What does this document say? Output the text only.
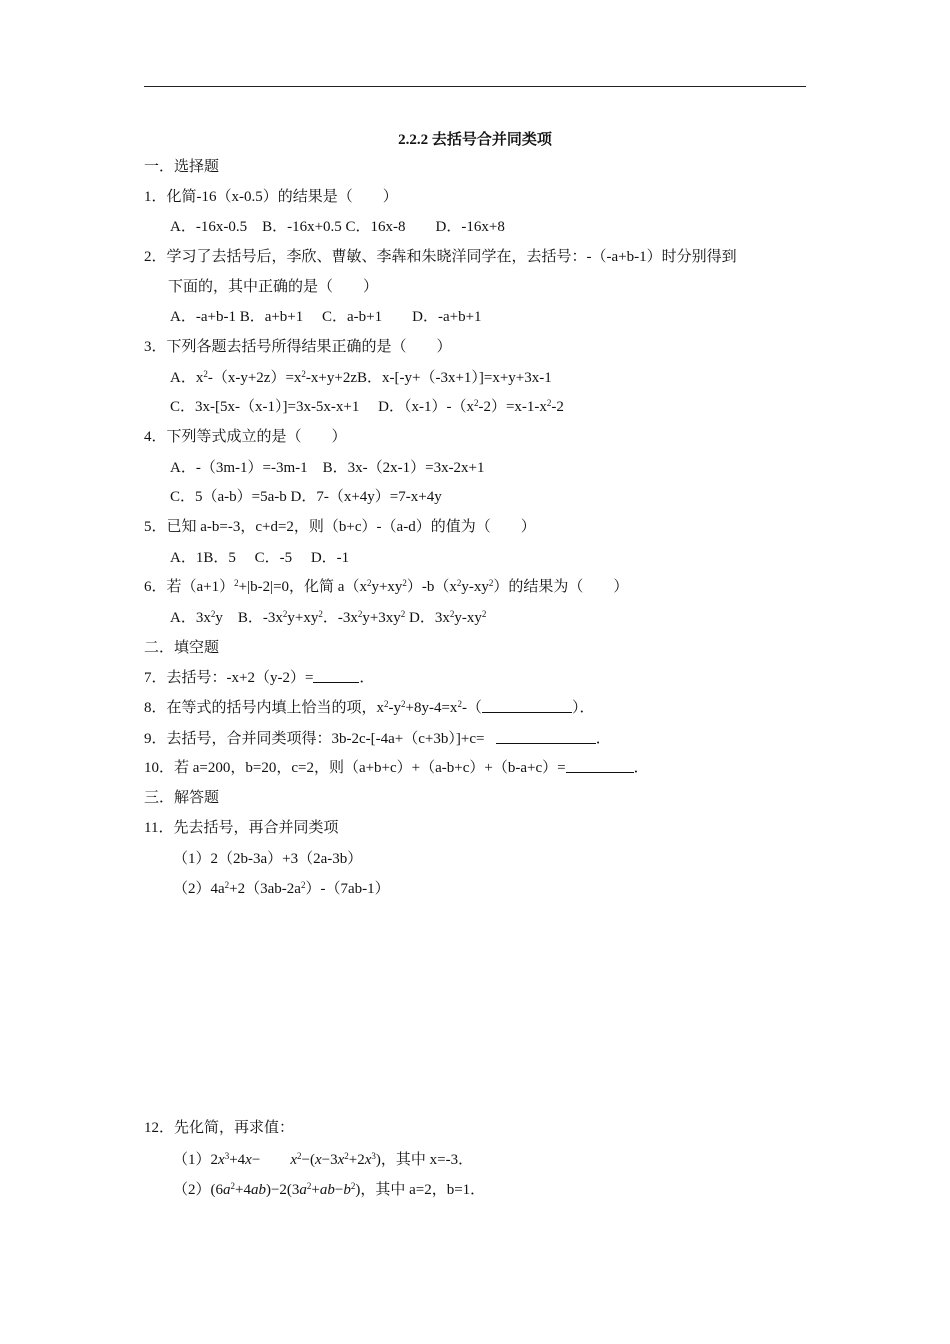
2.2.2 去括号合并同类项
一．选择题
1．化简-16（x-0.5）的结果是（　　）
A．-16x-0.5　B．-16x+0.5 C．16x-8　　D．-16x+8
2．学习了去括号后，李欣、曹敏、李犇和朱晓洋同学在，去括号：-（-a+b-1）时分别得到
下面的，其中正确的是（　　）
A．-a+b-1 B．a+b+1　 C．a-b+1　　D．-a+b+1
3．下列各题去括号所得结果正确的是（　　）
A．$x^2-(x-y+2z)=x^2-x+y+2zB$．x-[-y+（-3x+1）]=x+y+3x-1
C．3x-[5x-（x-1）]=3x-5x-x+1　 D．$(x-1)-(x^2-2)=x-1-x^2-2$
4．下列等式成立的是（　　）
A．-（3m-1）=-3m-1　B．3x-（2x-1）=3x-2x+1
C．5（a-b）=5a-b D．7-（x+4y）=7-x+4y
5．已知 a-b=-3，c+d=2，则（b+c）-（a-d）的值为（　　）
A．1B．5　 C．-5　 D．-1
6．若$(a+1)^2+|b-2|=0$，化简 $a(x^2y+xy^2)-b(x^2y-xy^2)$的结果为（　　）
A．$3x^2y$　B．$-3x^2y+xy^2$．$-3x^2y+3xy^2$ D．$3x^2y-xy^2$
二．填空题
7．去括号：-x+2（y-2）=	．
8．在等式的括号内填上恰当的项，$x^2-y^2+8y-4=x^2-$（	）．
9．去括号，合并同类项得：3b-2c-[-4a+（c+3b）]+c=	．
10．若 a=200，b=20，c=2，则（a+b+c）+（a-b+c）+（b-a+c）=	．
三．解答题
11．先去括号，再合并同类项
（1）2（2b-3a）+3（2a-3b）
$(2)4a^2+2(3ab-2a^2)-(7ab-1)$
12．先化简，再求值：
$(1)2x^3+4x-$　　$x^2-(x-3x^2+2x^3)$，其中 x=-3．
$(2)(6a^2+4ab)-2(3a^2+ab-b^2)$，其中 a=2，b=1．
